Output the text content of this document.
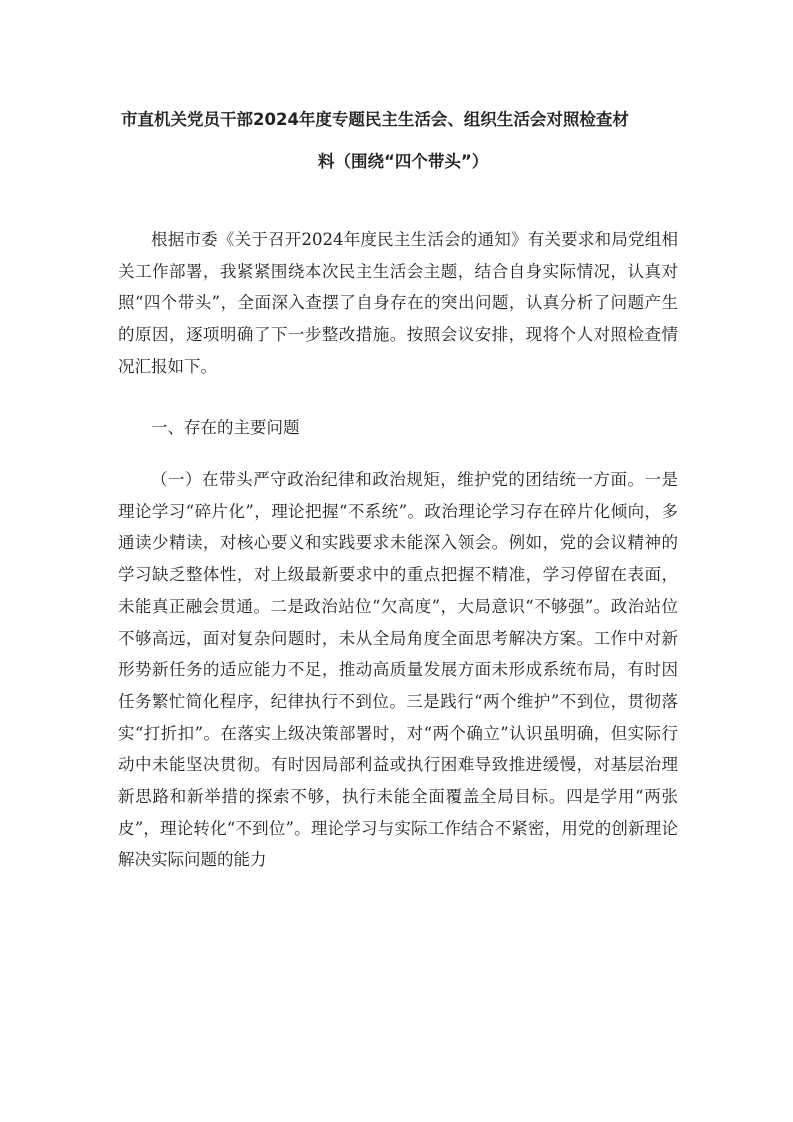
市直机关党员干部2024年度专题民主生活会、组织生活会对照检查材
料（围绕“四个带头”）

根据市委《关于召开2024年度民主生活会的通知》有关要求和局党组相关工作部署，我紧紧围绕本次民主生活会主题，结合自身实际情况，认真对照“四个带头”，全面深入查摆了自身存在的突出问题，认真分析了问题产生的原因，逐项明确了下一步整改措施。按照会议安排，现将个人对照检查情况汇报如下。

一、存在的主要问题

（一）在带头严守政治纪律和政治规矩，维护党的团结统一方面。一是理论学习“碎片化”，理论把握“不系统”。政治理论学习存在碎片化倾向，多通读少精读，对核心要义和实践要求未能深入领会。例如，党的会议精神的学习缺乏整体性，对上级最新要求中的重点把握不精准，学习停留在表面，未能真正融会贯通。二是政治站位“欠高度”，大局意识“不够强”。政治站位不够高远，面对复杂问题时，未从全局角度全面思考解决方案。工作中对新形势新任务的适应能力不足，推动高质量发展方面未形成系统布局，有时因任务繁忙简化程序，纪律执行不到位。三是践行“两个维护”不到位，贯彻落实“打折扣”。在落实上级决策部署时，对“两个确立”认识虽明确，但实际行动中未能坚决贯彻。有时因局部利益或执行困难导致推进缓慢，对基层治理新思路和新举措的探索不够，执行未能全面覆盖全局目标。四是学用“两张皮”，理论转化“不到位”。理论学习与实际工作结合不紧密，用党的创新理论解决实际问题的能力
